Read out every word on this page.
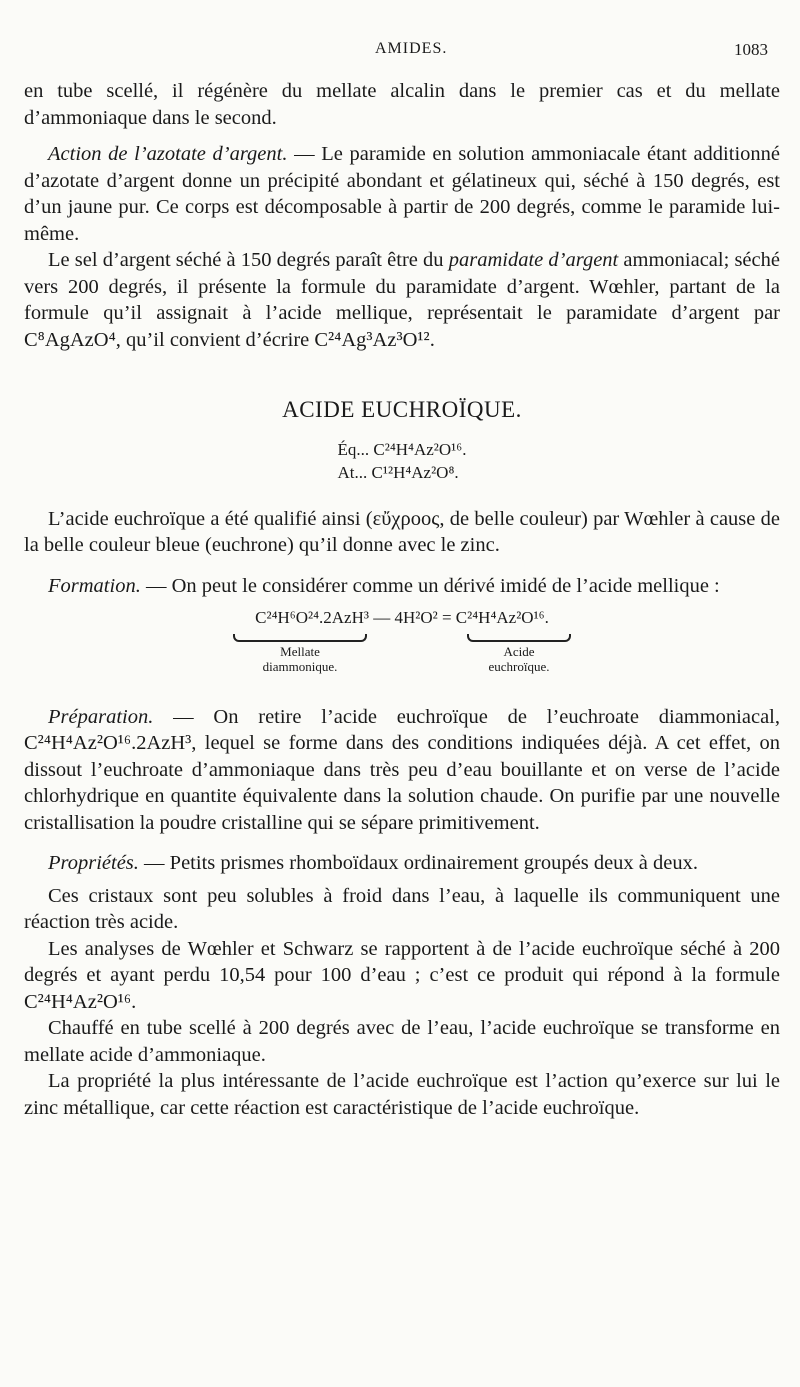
AMIDES.	1083

en tube scellé, il régénère du mellate alcalin dans le premier cas et du mellate d’ammoniaque dans le second.

Action de l’azotate d’argent. — Le paramide en solution ammoniacale étant additionné d’azotate d’argent donne un précipité abondant et gélatineux qui, séché à 150 degrés, est d’un jaune pur. Ce corps est décomposable à partir de 200 degrés, comme le paramide lui-même.

Le sel d’argent séché à 150 degrés paraît être du paramidate d’argent ammoniacal; séché vers 200 degrés, il présente la formule du paramidate d’argent. Wœhler, partant de la formule qu’il assignait à l’acide mellique, représentait le paramidate d’argent par C⁸AgAzO⁴, qu’il convient d’écrire C²⁴Ag³Az³O¹².

ACIDE EUCHROÏQUE.
Éq... C²⁴H⁴Az²O¹⁶.
At... C¹²H⁴Az²O⁸.

L’acide euchroïque a été qualifié ainsi (εὔχροος, de belle couleur) par Wœhler à cause de la belle couleur bleue (euchrone) qu’il donne avec le zinc.

Formation. — On peut le considérer comme un dérivé imidé de l’acide mellique :

C²⁴H⁶O²⁴.2AzH³ — 4H²O² = C²⁴H⁴Az²O¹⁶.
Mellate
diammonique.
Acide
euchroïque.

Préparation. — On retire l’acide euchroïque de l’euchroate diammoniacal, C²⁴H⁴Az²O¹⁶.2AzH³, lequel se forme dans des conditions indiquées déjà. A cet effet, on dissout l’euchroate d’ammoniaque dans très peu d’eau bouillante et on verse de l’acide chlorhydrique en quantite équivalente dans la solution chaude. On purifie par une nouvelle cristallisation la poudre cristalline qui se sépare primitivement.

Propriétés. — Petits prismes rhomboïdaux ordinairement groupés deux à deux.

Ces cristaux sont peu solubles à froid dans l’eau, à laquelle ils communiquent une réaction très acide.

Les analyses de Wœhler et Schwarz se rapportent à de l’acide euchroïque séché à 200 degrés et ayant perdu 10,54 pour 100 d’eau ; c’est ce produit qui répond à la formule C²⁴H⁴Az²O¹⁶.

Chauffé en tube scellé à 200 degrés avec de l’eau, l’acide euchroïque se transforme en mellate acide d’ammoniaque.

La propriété la plus intéressante de l’acide euchroïque est l’action qu’exerce sur lui le zinc métallique, car cette réaction est caractéristique de l’acide euchroïque.
